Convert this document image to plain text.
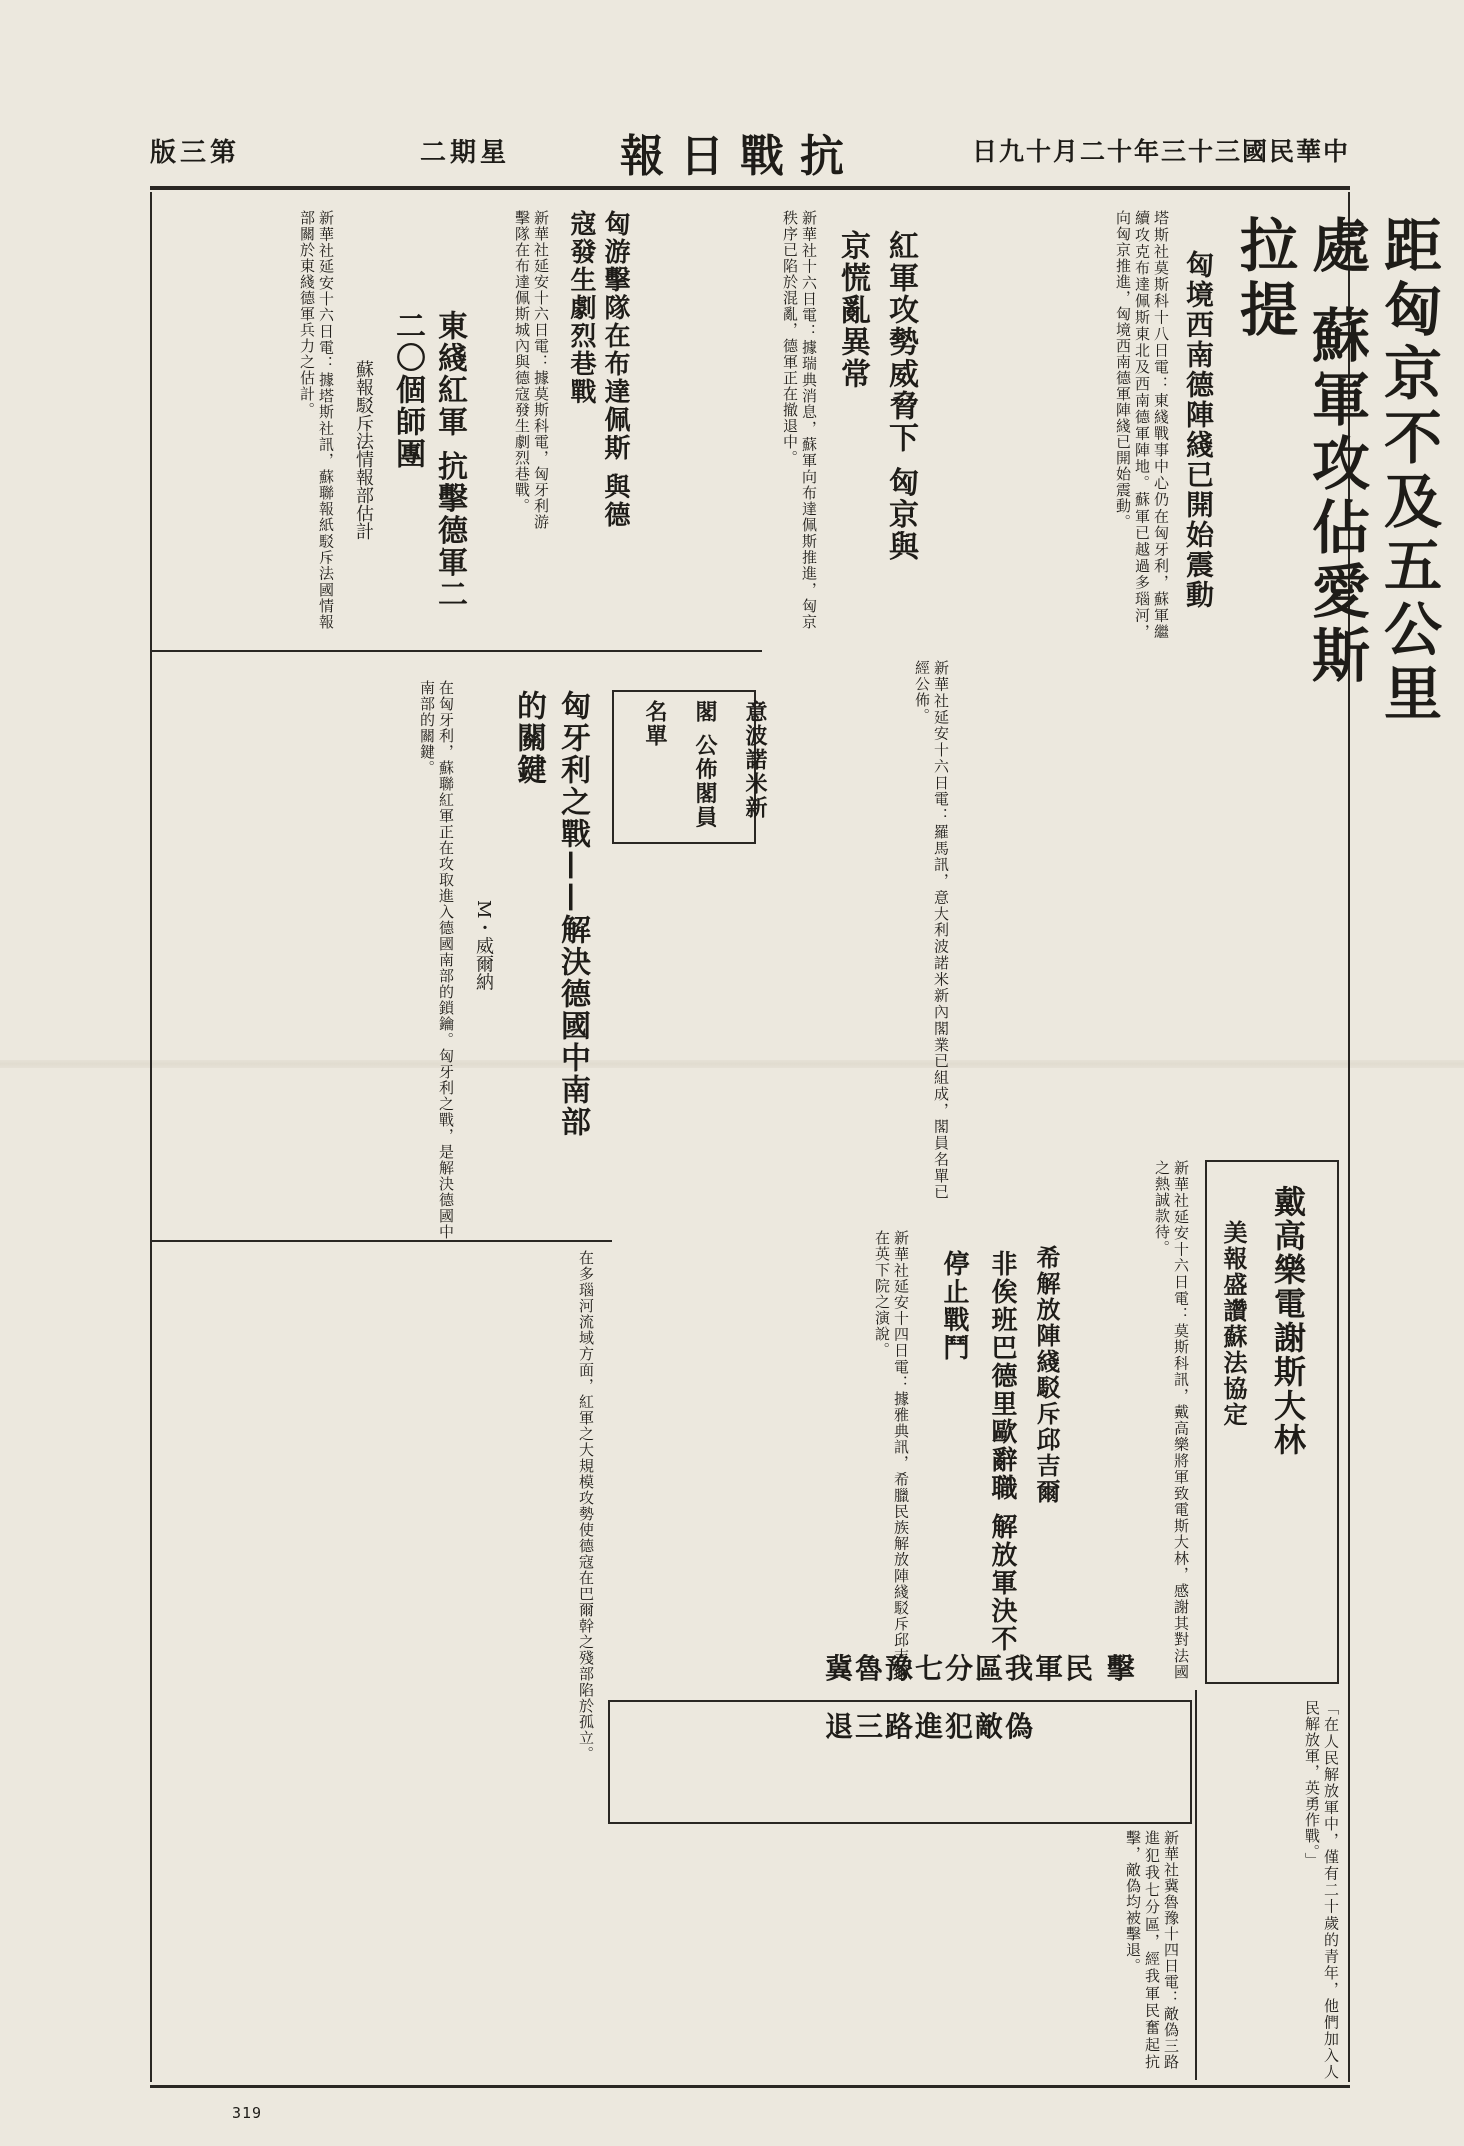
版三第	二期星 報日戰抗	日九十月二十年三十三國民華中
距匈京不及五公里處 蘇軍攻佔愛斯拉提
匈境西南德陣綫已開始震動
塔斯社莫斯科十八日電：東綫戰事中心仍在匈牙利，蘇軍繼續攻克布達佩斯東北及西南德軍陣地。蘇軍已越過多瑙河，向匈京推進，匈境西南德軍陣綫已開始震動。
紅軍攻勢威脅下 匈京與京慌亂異常
新華社十六日電：據瑞典消息，蘇軍向布達佩斯推進，匈京秩序已陷於混亂，德軍正在撤退中。
匈游擊隊在布達佩斯 與德寇發生劇烈巷戰
新華社延安十六日電：據莫斯科電，匈牙利游擊隊在布達佩斯城內與德寇發生劇烈巷戰。
東綫紅軍 抗擊德軍二二〇個師團
蘇報駁斥法情報部估計
新華社延安十六日電：據塔斯社訊，蘇聯報紙駁斥法國情報部關於東綫德軍兵力之估計。
匈牙利之戰——解決德國中南部的關鍵
M・威爾納
在匈牙利，蘇聯紅軍正在攻取進入德國南部的鎖鑰。匈牙利之戰，是解決德國中南部的關鍵。	意波諾米新閣 公佈閣員名單	新華社延安十六日電：羅馬訊，意大利波諾米新內閣業已組成，閣員名單已經公佈。
戴高樂電謝斯大林
美報盛讚蘇法協定
新華社延安十六日電：莫斯科訊，戴高樂將軍致電斯大林，感謝其對法國之熱誠款待。
希解放陣綫駁斥邱吉爾
非俟班巴德里歐辭職 解放軍決不停止戰鬥
新華社延安十四日電：據雅典訊，希臘民族解放陣綫駁斥邱吉爾在英下院之演說。
在多瑙河流域方面，紅軍之大規模攻勢使德寇在巴爾幹之殘部陷於孤立。	冀魯豫七分區我軍民 擊退三路進犯敵偽
新華社冀魯豫十四日電：敵偽三路進犯我七分區，經我軍民奮起抗擊，敵偽均被擊退。	「在人民解放軍中，僅有二十歲的青年，他們加入人民解放軍，英勇作戰。」
319
